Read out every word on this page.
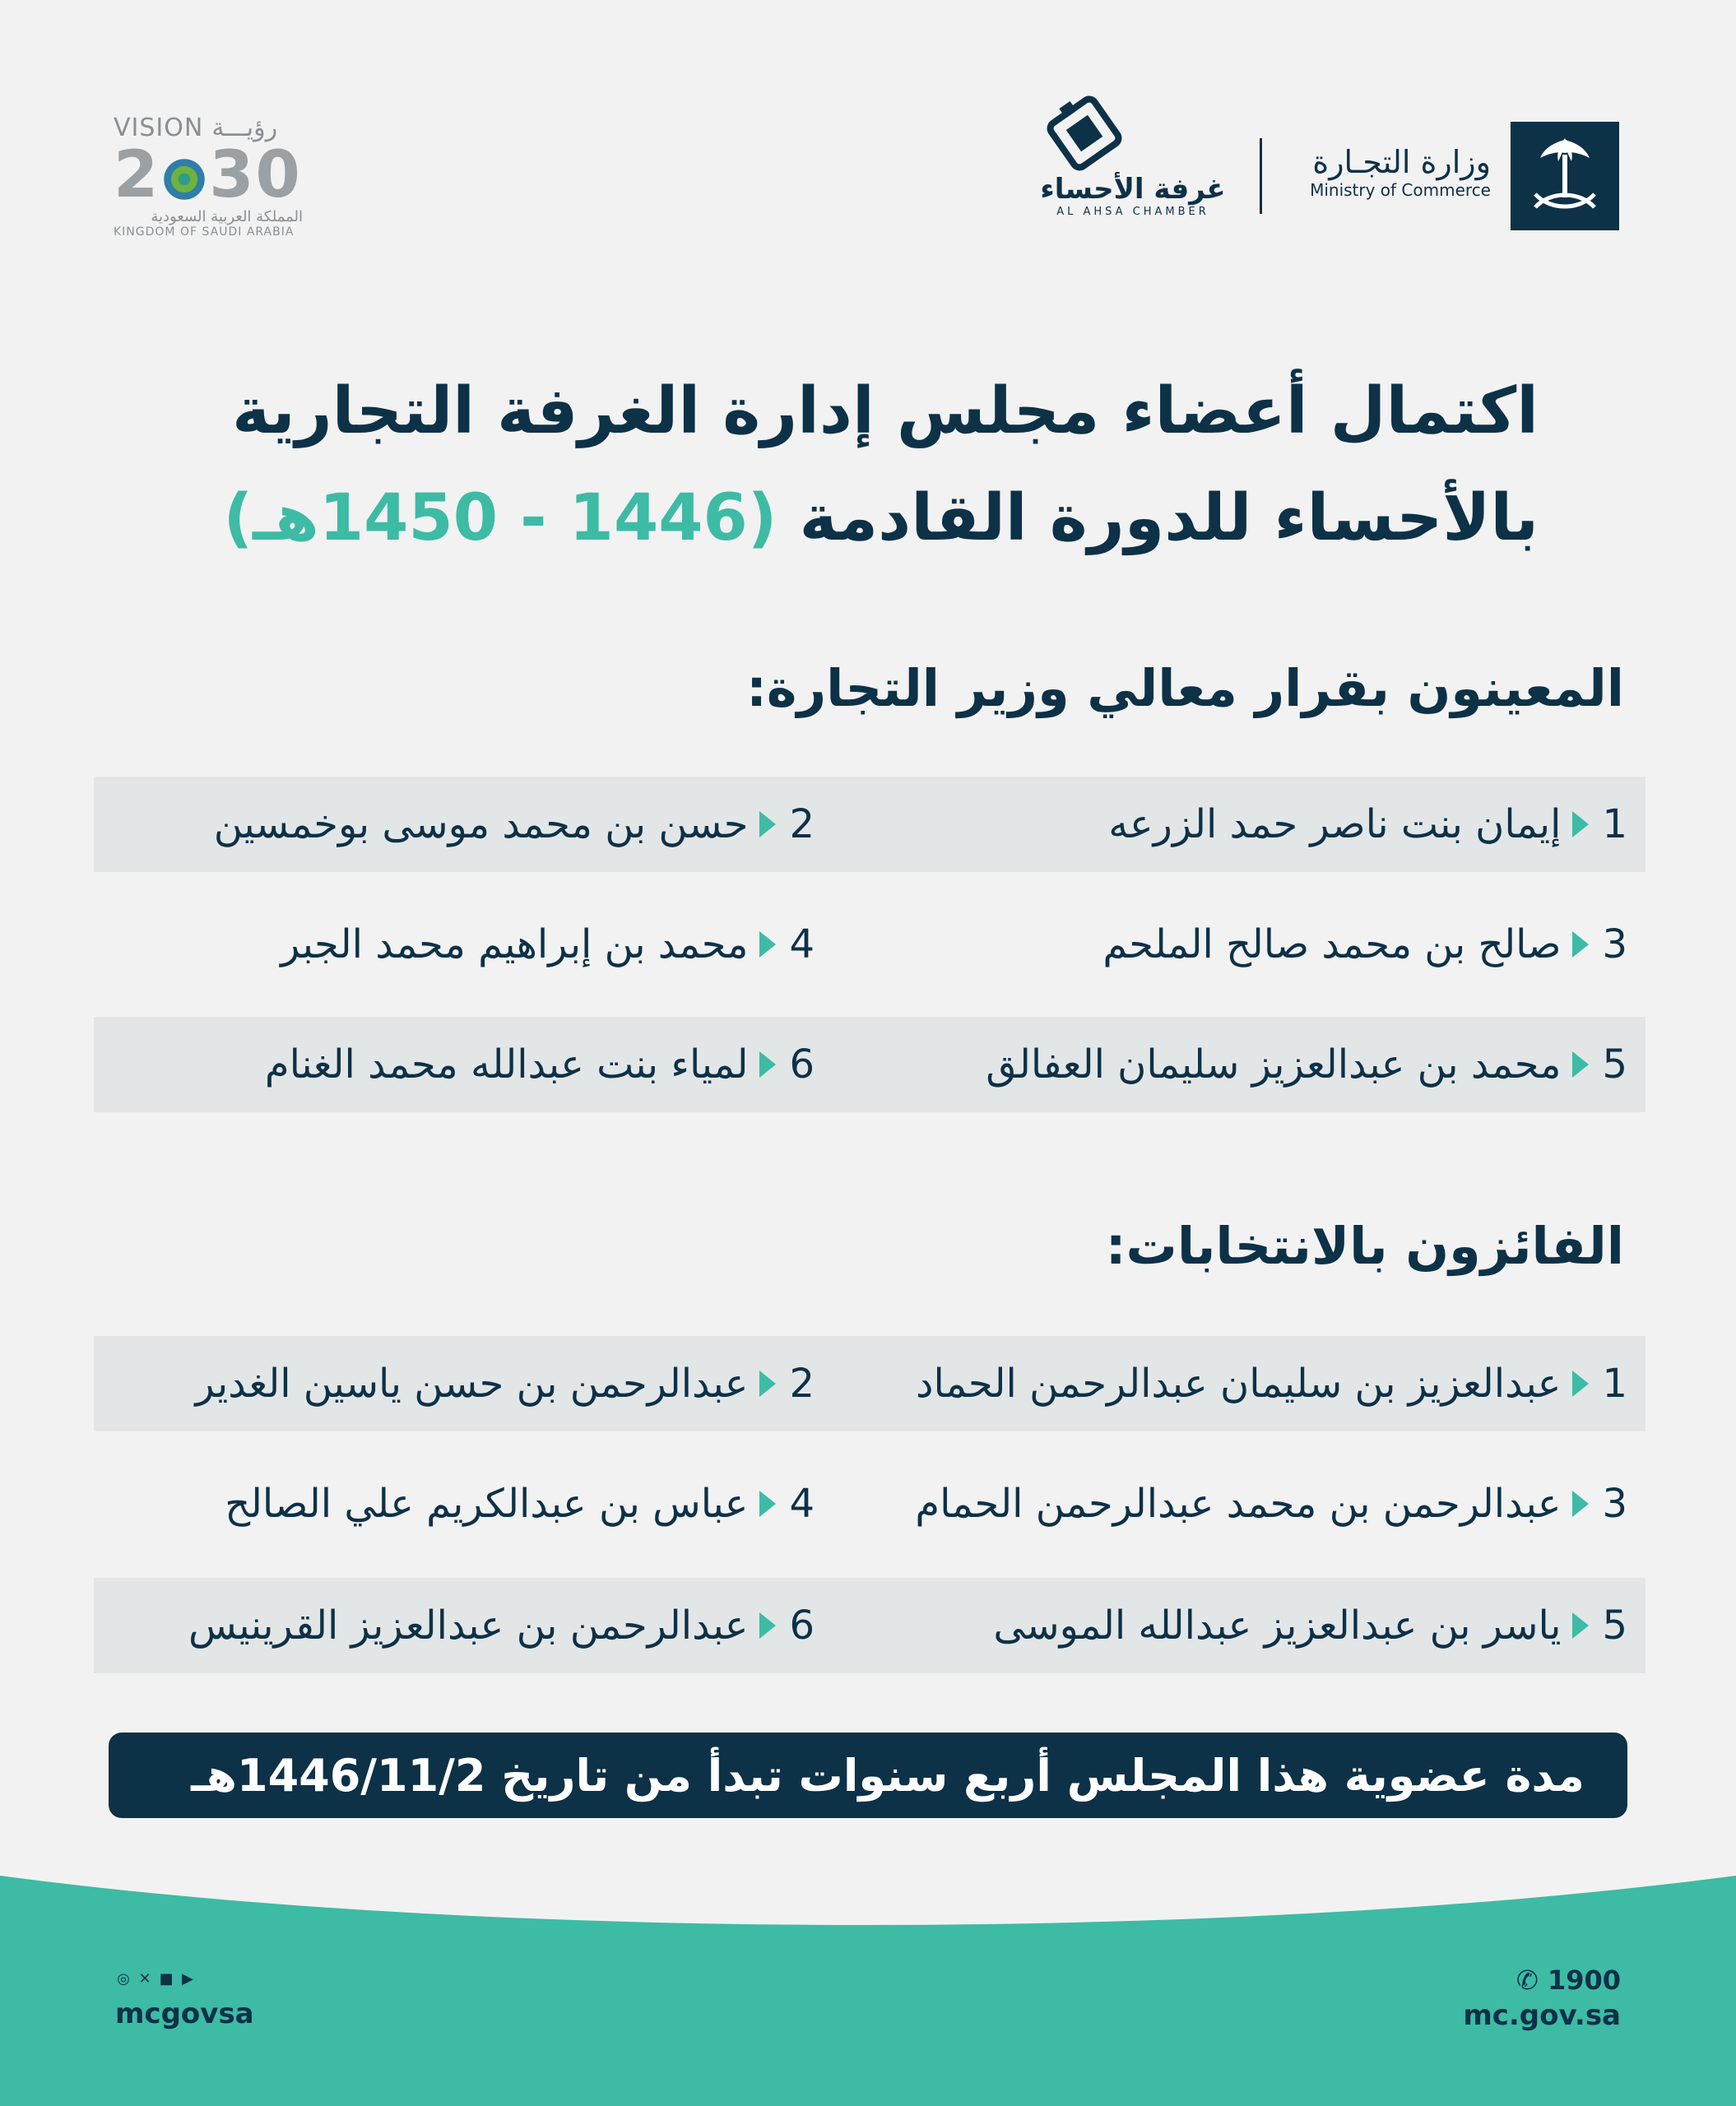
VISION رؤيـــة
2 30
المملكة العربية السعودية
KINGDOM OF SAUDI ARABIA
وزارة التجـارة
Ministry of Commerce
غرفة الأحساء
AL AHSA CHAMBER
اكتمال أعضاء مجلس إدارة الغرفة التجارية
بالأحساء للدورة القادمة (1446 - 1450هـ)
المعينون بقرار معالي وزير التجارة:
1
إيمان بنت ناصر حمد الزرعه
2
حسن بن محمد موسى بوخمسين
3
صالح بن محمد صالح الملحم
4
محمد بن إبراهيم محمد الجبر
5
محمد بن عبدالعزيز سليمان العفالق
6
لمياء بنت عبدالله محمد الغنام
الفائزون بالانتخابات:
1
عبدالعزيز بن سليمان عبدالرحمن الحماد
2
عبدالرحمن بن حسن ياسين الغدير
3
عبدالرحمن بن محمد عبدالرحمن الحمام
4
عباس بن عبدالكريم علي الصالح
5
ياسر بن عبدالعزيز عبدالله الموسى
6
عبدالرحمن بن عبدالعزيز القرينيس
مدة عضوية هذا المجلس أربع سنوات تبدأ من تاريخ 1446/11/2هـ
◎ ✕ ■ ▶
mcgovsa
✆ 1900
mc.gov.sa
